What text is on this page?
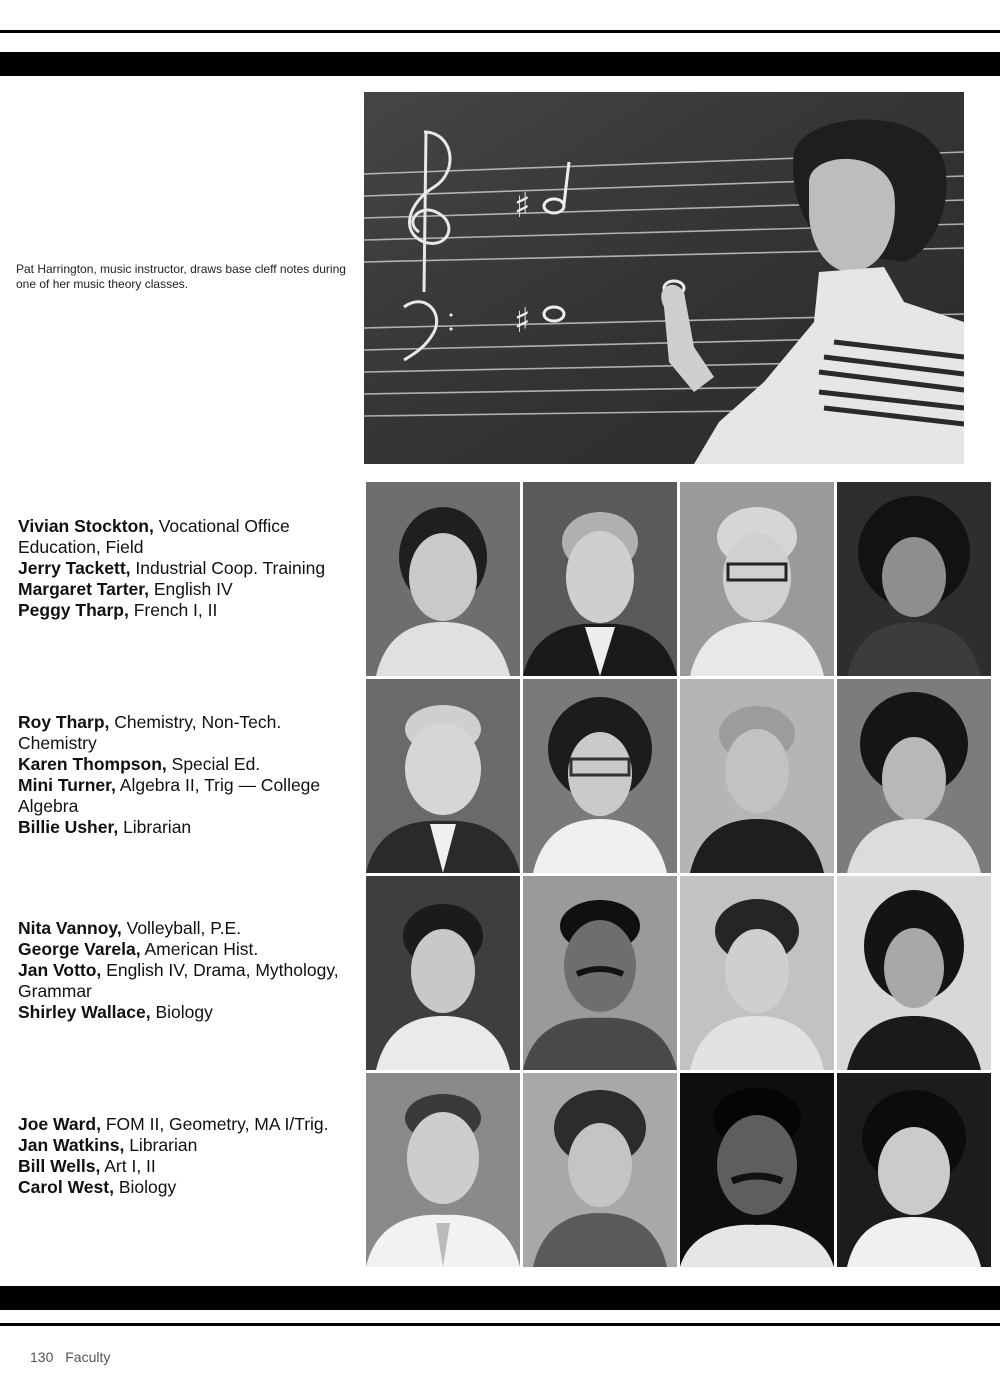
Pat Harrington, music instructor, draws base cleff notes during one of her music theory classes.
♯
♯

Vivian Stockton, Vocational Office Education, Field

Jerry Tackett, Industrial Coop. Training

Margaret Tarter, English IV

Peggy Tharp, French I, II

Roy Tharp, Chemistry, Non-Tech. Chemistry

Karen Thompson, Special Ed.

Mini Turner, Algebra II, Trig — College Algebra

Billie Usher, Librarian

Nita Vannoy, Volleyball, P.E.

George Varela, American Hist.

Jan Votto, English IV, Drama, Mythology, Grammar

Shirley Wallace, Biology

Joe Ward, FOM II, Geometry, MA I/Trig.

Jan Watkins, Librarian

Bill Wells, Art I, II

Carol West, Biology

130 Faculty
